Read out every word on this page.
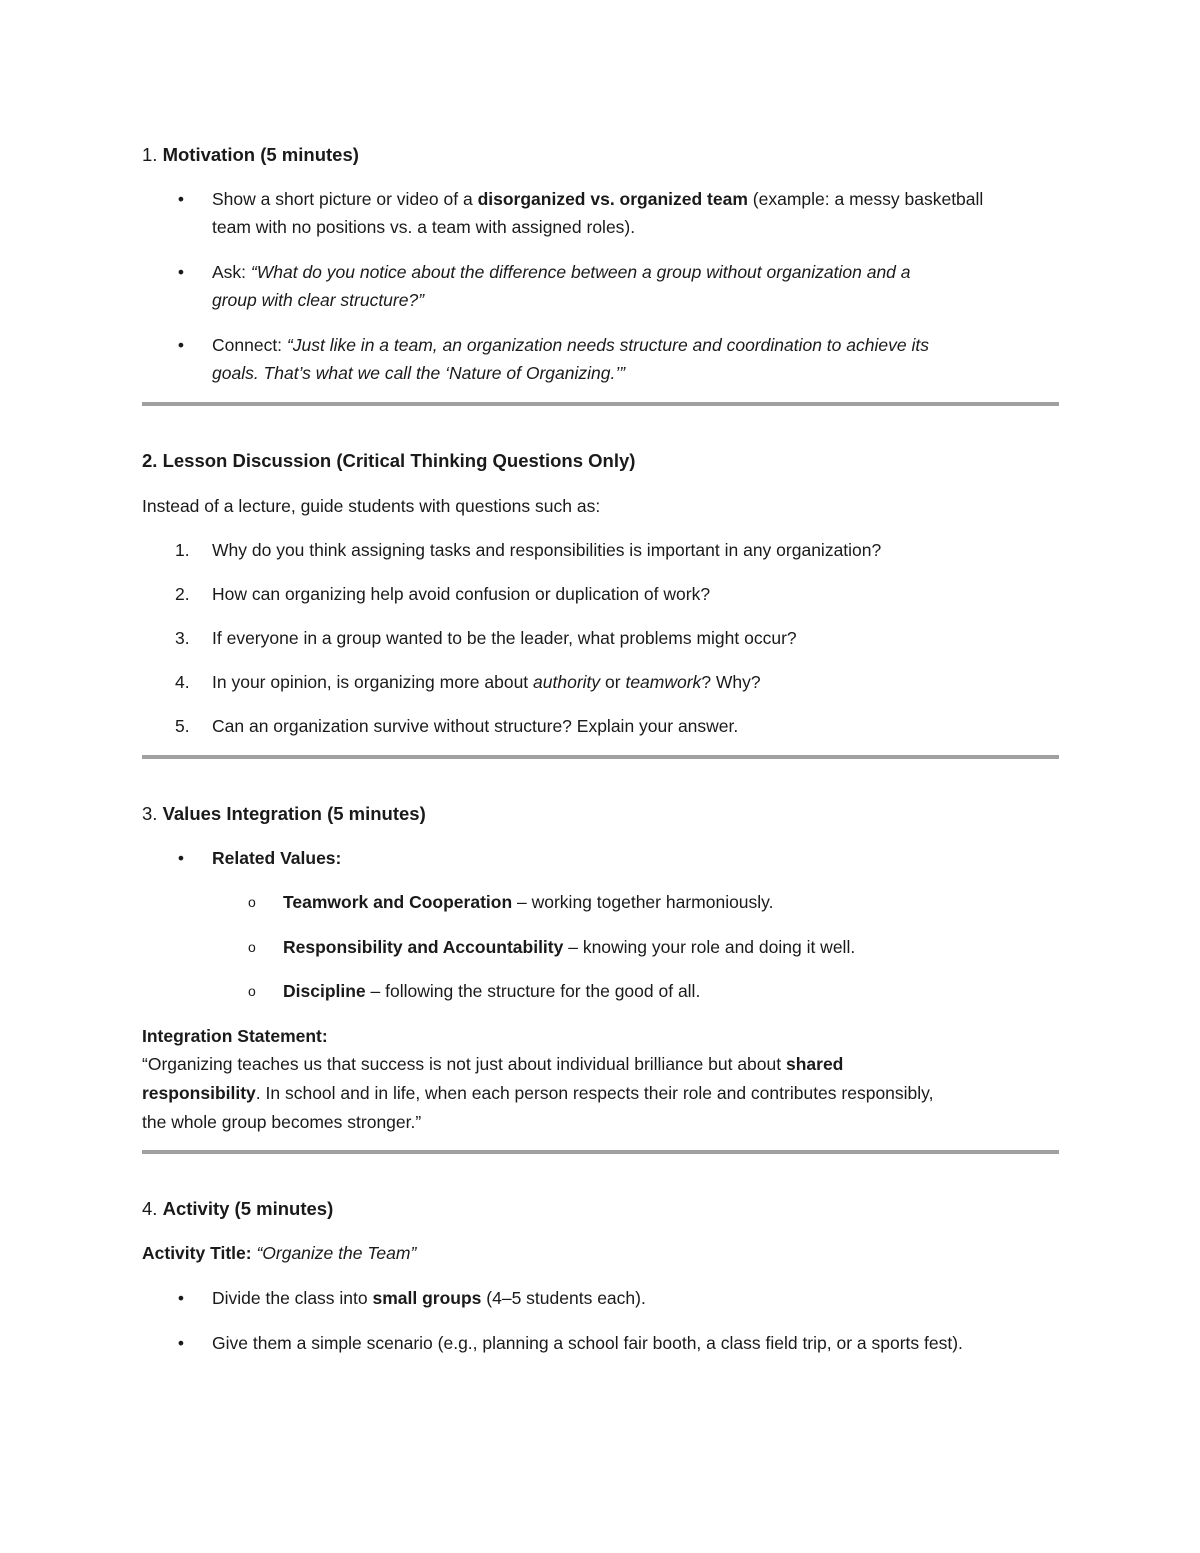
1. Motivation (5 minutes)
• Show a short picture or video of a disorganized vs. organized team (example: a messy basketball
team with no positions vs. a team with assigned roles).
• Ask: “What do you notice about the difference between a group without organization and a
group with clear structure?”
• Connect: “Just like in a team, an organization needs structure and coordination to achieve its
goals. That’s what we call the ‘Nature of Organizing.’”
2. Lesson Discussion (Critical Thinking Questions Only)
Instead of a lecture, guide students with questions such as:
1. Why do you think assigning tasks and responsibilities is important in any organization?
2. How can organizing help avoid confusion or duplication of work?
3. If everyone in a group wanted to be the leader, what problems might occur?
4. In your opinion, is organizing more about authority or teamwork? Why?
5. Can an organization survive without structure? Explain your answer.
3. Values Integration (5 minutes)
• Related Values:
o Teamwork and Cooperation – working together harmoniously.
o Responsibility and Accountability – knowing your role and doing it well.
o Discipline – following the structure for the good of all.
Integration Statement:
“Organizing teaches us that success is not just about individual brilliance but about shared
responsibility. In school and in life, when each person respects their role and contributes responsibly,
the whole group becomes stronger.”
4. Activity (5 minutes)
Activity Title: “Organize the Team”
• Divide the class into small groups (4–5 students each).
• Give them a simple scenario (e.g., planning a school fair booth, a class field trip, or a sports fest).
